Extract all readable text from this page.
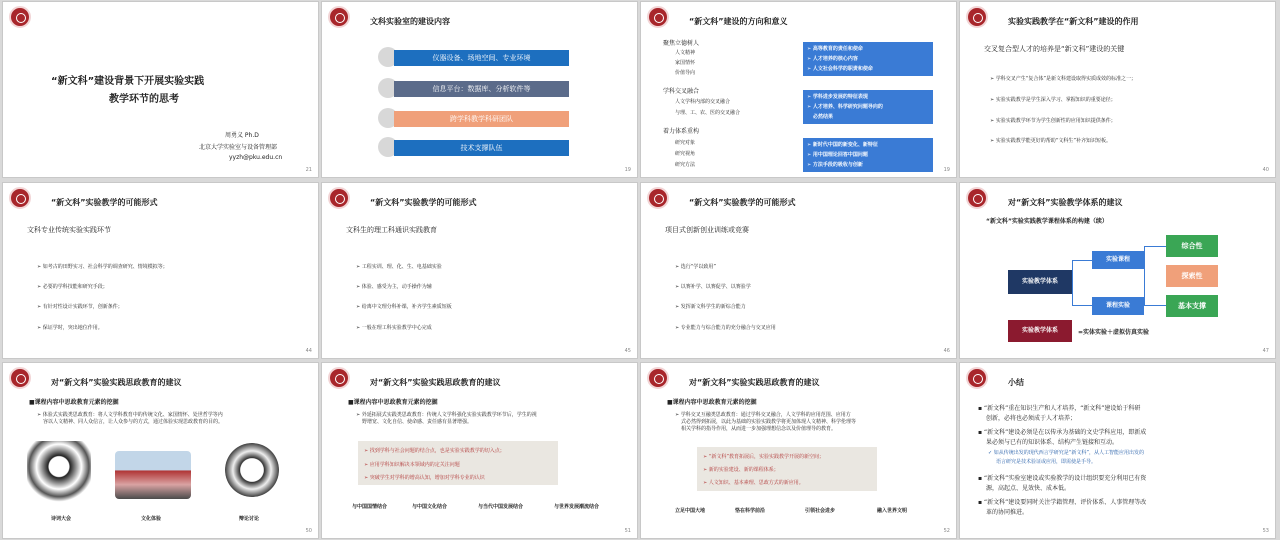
“新文科”建设背景下开展实验实践
教学环节的思考
周勇义 Ph.D
北京大学实验室与设备管理部
yyzh@pku.edu.cn
21
文科实验室的建设内容
仪器设备、场地空间、专业环境
信息平台：数据库、分析软件等
跨学科教学科研团队
技术支撑队伍
19
“新文科”建设的方向和意义
聚焦立德树人
人文精神
家国情怀
价值导向
学科交叉融合
人文学科内部的交叉融合
与理、工、农、医的交叉融合
着力体系重构
研究对象
研究视角
研究方法
➢ 高等教育的责任和使命
➢ 人才培养的核心内容
➢ 人文社会科学的职责和使命
➢ 学科进步发展的特征表现
➢ 人才培养、科学研究问题导向的
必然结果
➢ 新时代中国的新变化、新特征
➢ 用中国理论回答中国问题
➢ 方法手段的吸收与创新
19
实验实践教学在“新文科”建设的作用
交叉复合型人才的培养是“新文科”建设的关键
➢ 学科交叉产生“复合体”是新文科建设取得实质成效的标准之一；
➢ 实验实践教学是学生深入学习、掌握知识的重要途径；
➢ 实验实践教学环节为学生创新性的应用知识提供条件；
➢ 实验实践教学能更好的帮助“文科生”补齐知识短板。
40
“新文科”实验教学的可能形式
文科专业传统实验实践环节
➢ 如考古的田野实习、社会科学的调查研究、情境模拟等；
➢ 必要的学科技能和研究手段；
➢ 有针对性设计实践环节，创新条件；
➢ 保证学时，突出地位作用。
44
“新文科”实验教学的可能形式
文科生的理工科通识实践教育
➢ 工程实训、理、化、生、电基础实验
➢ 体验、感受为主，动手操作为辅
➢ 给离中文理分科补课，补齐学生素质短板
➢ 一般在理工科实验教学中心完成
45
“新文科”实验教学的可能形式
项目式创新创业训练或竞赛
➢ 选行“学以致用”
➢ 以赛补学、以赛促学、以赛验学
➢ 发挥新文科学生的新综合能力
➢ 专业能力与综合能力的充分融合与交叉应用
46
对“新文科”实验教学体系的建议
“新文科”实验实践教学课程体系的构建（续）
实验教学体系
实验课程
课程实验
综合性
探索性
基本支撑
实验教学体系	=实体实验＋虚拟仿真实验
47
对“新文科”实验实践思政教育的建议
■课程内容中思政教育元素的挖掘
➢ 体验式实践类思政教育：将人文学科教育中的传统文化、家国情怀、处世哲学等内
容以人文精神、同人众信言，让人众参与的方式，通过体验实现思政教育的目的。
诗词大会	文化体验	辩论讨论
50
对“新文科”实验实践思政教育的建议
■课程内容中思政教育元素的挖掘
➢ 外延拓展式实践类思政教育：传统人文学科强化实验实践教学环节后，学生的视
野增宽、文化自信、使命感、责任感有显著增强。
➢ 找到学科与社会问题的结合点，也是实验实践教学的切入点；
➢ 应用学科知识解决本领域内的定关注问题
➢ 突破学生对学科的增高认知，增加对学科专业的认识
与中国国情结合	与中国文化结合	与当代中国发展结合	与世界发展潮流结合
51
对“新文科”实验实践思政教育的建议
■课程内容中思政教育元素的挖掘
➢ 学科交叉互融类思政教育：通过学科交叉融合，人文学科的应用范围、应用方
式必然得到拓展，以此为基础的实验实践教学将更加体现人文精神、科学伦理等
相关学科的指导作用，从而进一步加强理想信念以及价值理导的教育。
➢ “新文科”教育拓展后，实验实践教学开展的新空间；
➢ 新的实验建设、新的课程体系；
➢ 人文知识、基本素理、思政方式的新应用。
立足中国大地	恪在科学前沿	引领社会进步	融入世界文明
52
小结
▪ “新文科”重在知识生产和人才培养，“新文科”建设始于科研
创新，必将也必须成于人才培养；
▪ “新文科”建设必须是在以传承为基础的文史学科应用，即新成
果必须与已有的知识体系、结构产生链接和互动。
✓ 如从传统出发的现代西言学研究是“新文科”，从人工智能应用出发的
语言研究是技术验证或应用，即需使是手导。
▪ “新文科”实验室建设或实验教学的设计组织要充分利用已有资
源，高起点、见效快、成本低。
▪ “新文科”建设要同时关注学籍管理、评价体系、人事管理等改
革的协同推进。
53
